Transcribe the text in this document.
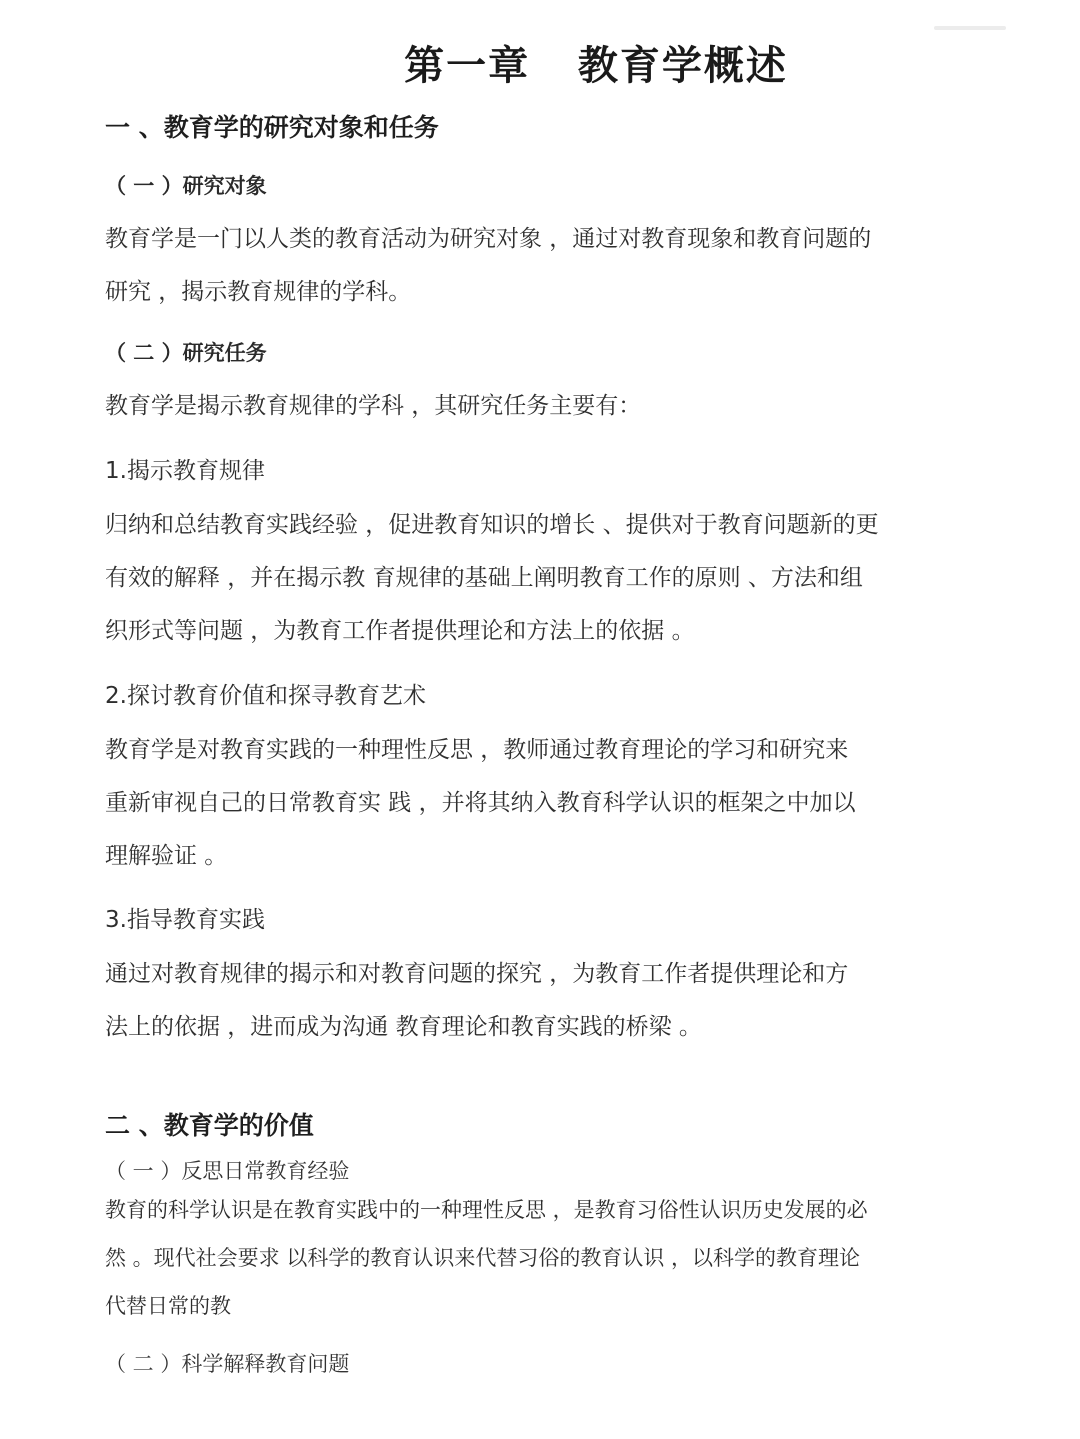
第一章   教育学概述
一 、教育学的研究对象和任务
（ 一 ）研究对象
教育学是一门以人类的教育活动为研究对象 ，通过对教育现象和教育问题的
研究 ，揭示教育规律的学科。
（ 二 ）研究任务
教育学是揭示教育规律的学科 ，其研究任务主要有：
1.揭示教育规律
归纳和总结教育实践经验 ，促进教育知识的增长 、提供对于教育问题新的更
有效的解释 ，并在揭示教 育规律的基础上阐明教育工作的原则 、方法和组
织形式等问题 ，为教育工作者提供理论和方法上的依据 。
2.探讨教育价值和探寻教育艺术
教育学是对教育实践的一种理性反思 ，教师通过教育理论的学习和研究来
重新审视自己的日常教育实 践 ，并将其纳入教育科学认识的框架之中加以
理解验证 。
3.指导教育实践
通过对教育规律的揭示和对教育问题的探究 ，为教育工作者提供理论和方
法上的依据 ，进而成为沟通 教育理论和教育实践的桥梁 。
二 、教育学的价值
（ 一 ）反思日常教育经验
教育的科学认识是在教育实践中的一种理性反思 ，是教育习俗性认识历史发展的必
然 。现代社会要求 以科学的教育认识来代替习俗的教育认识 ，以科学的教育理论
代替日常的教
（ 二 ）科学解释教育问题
